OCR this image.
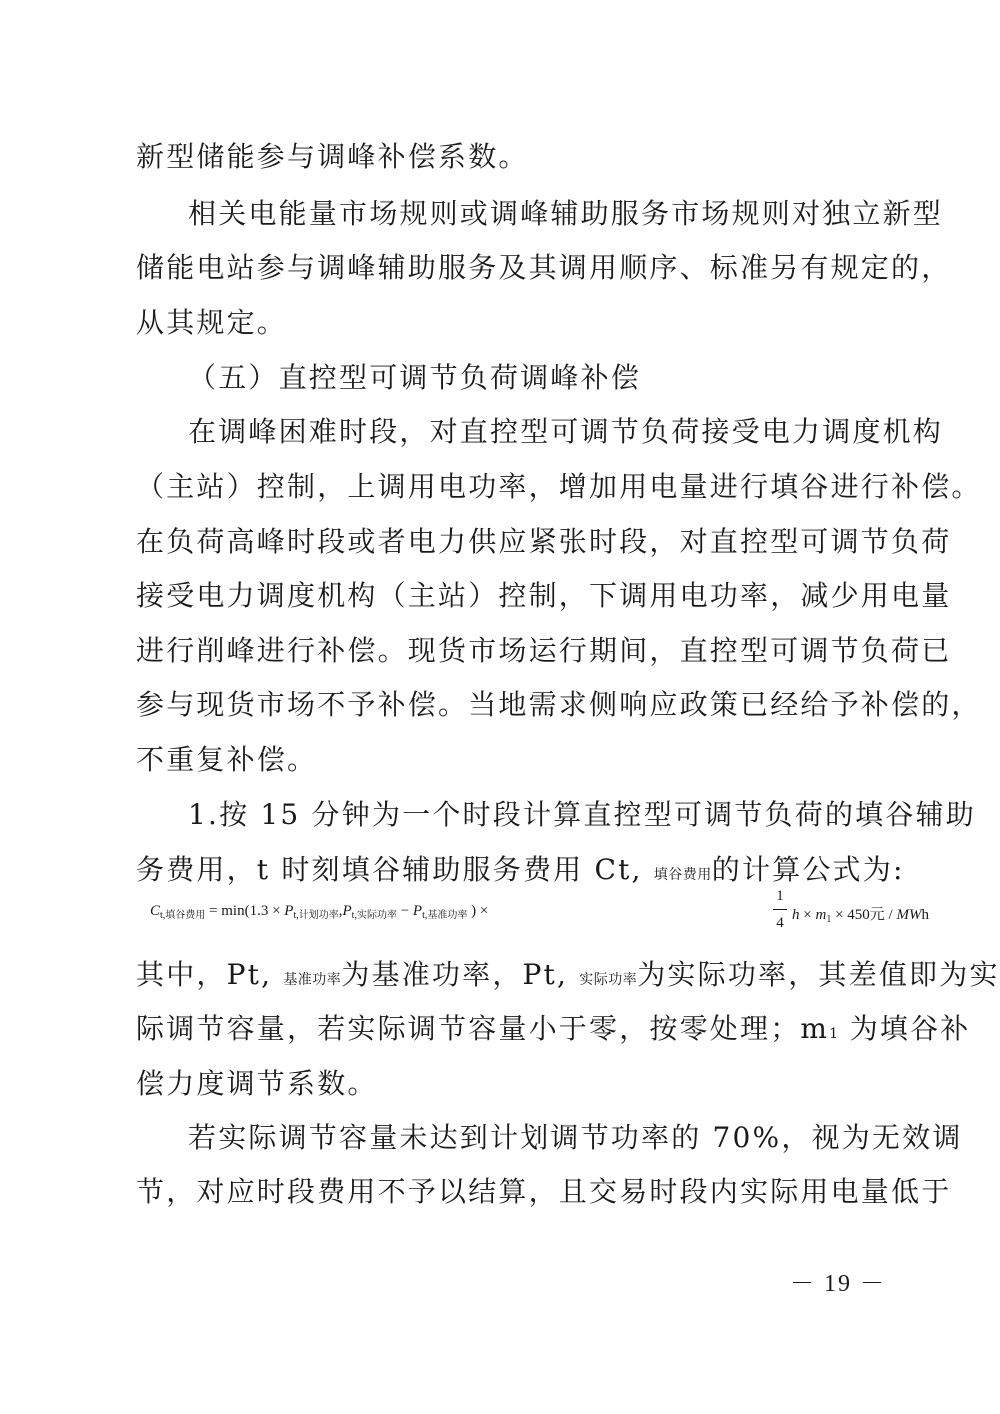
新型储能参与调峰补偿系数。
相关电能量市场规则或调峰辅助服务市场规则对独立新型
储能电站参与调峰辅助服务及其调用顺序、标准另有规定的，
从其规定。
（五）直控型可调节负荷调峰补偿
在调峰困难时段，对直控型可调节负荷接受电力调度机构
（主站）控制，上调用电功率，增加用电量进行填谷进行补偿。
在负荷高峰时段或者电力供应紧张时段，对直控型可调节负荷
接受电力调度机构（主站）控制，下调用电功率，减少用电量
进行削峰进行补偿。现货市场运行期间，直控型可调节负荷已
参与现货市场不予补偿。当地需求侧响应政策已经给予补偿的，
不重复补偿。
1.按 15 分钟为一个时段计算直控型可调节负荷的填谷辅助
务费用，t 时刻填谷辅助服务费用 Ct, 填谷费用的计算公式为:
$C_{t,填谷费用} = \min(1.3 \times P_{t,计划功率},P_{t,实际功率} - P_{t,基准功率}$ ) ×
1
4 $h \times m_1 \times 450$元 / MWh
其中，Pt, 基准功率为基准功率，Pt, 实际功率为实际功率，其差值即为实
际调节容量，若实际调节容量小于零，按零处理；m1 为填谷补
偿力度调节系数。
若实际调节容量未达到计划调节功率的 70%，视为无效调
节，对应时段费用不予以结算，且交易时段内实际用电量低于
－ 19 －
